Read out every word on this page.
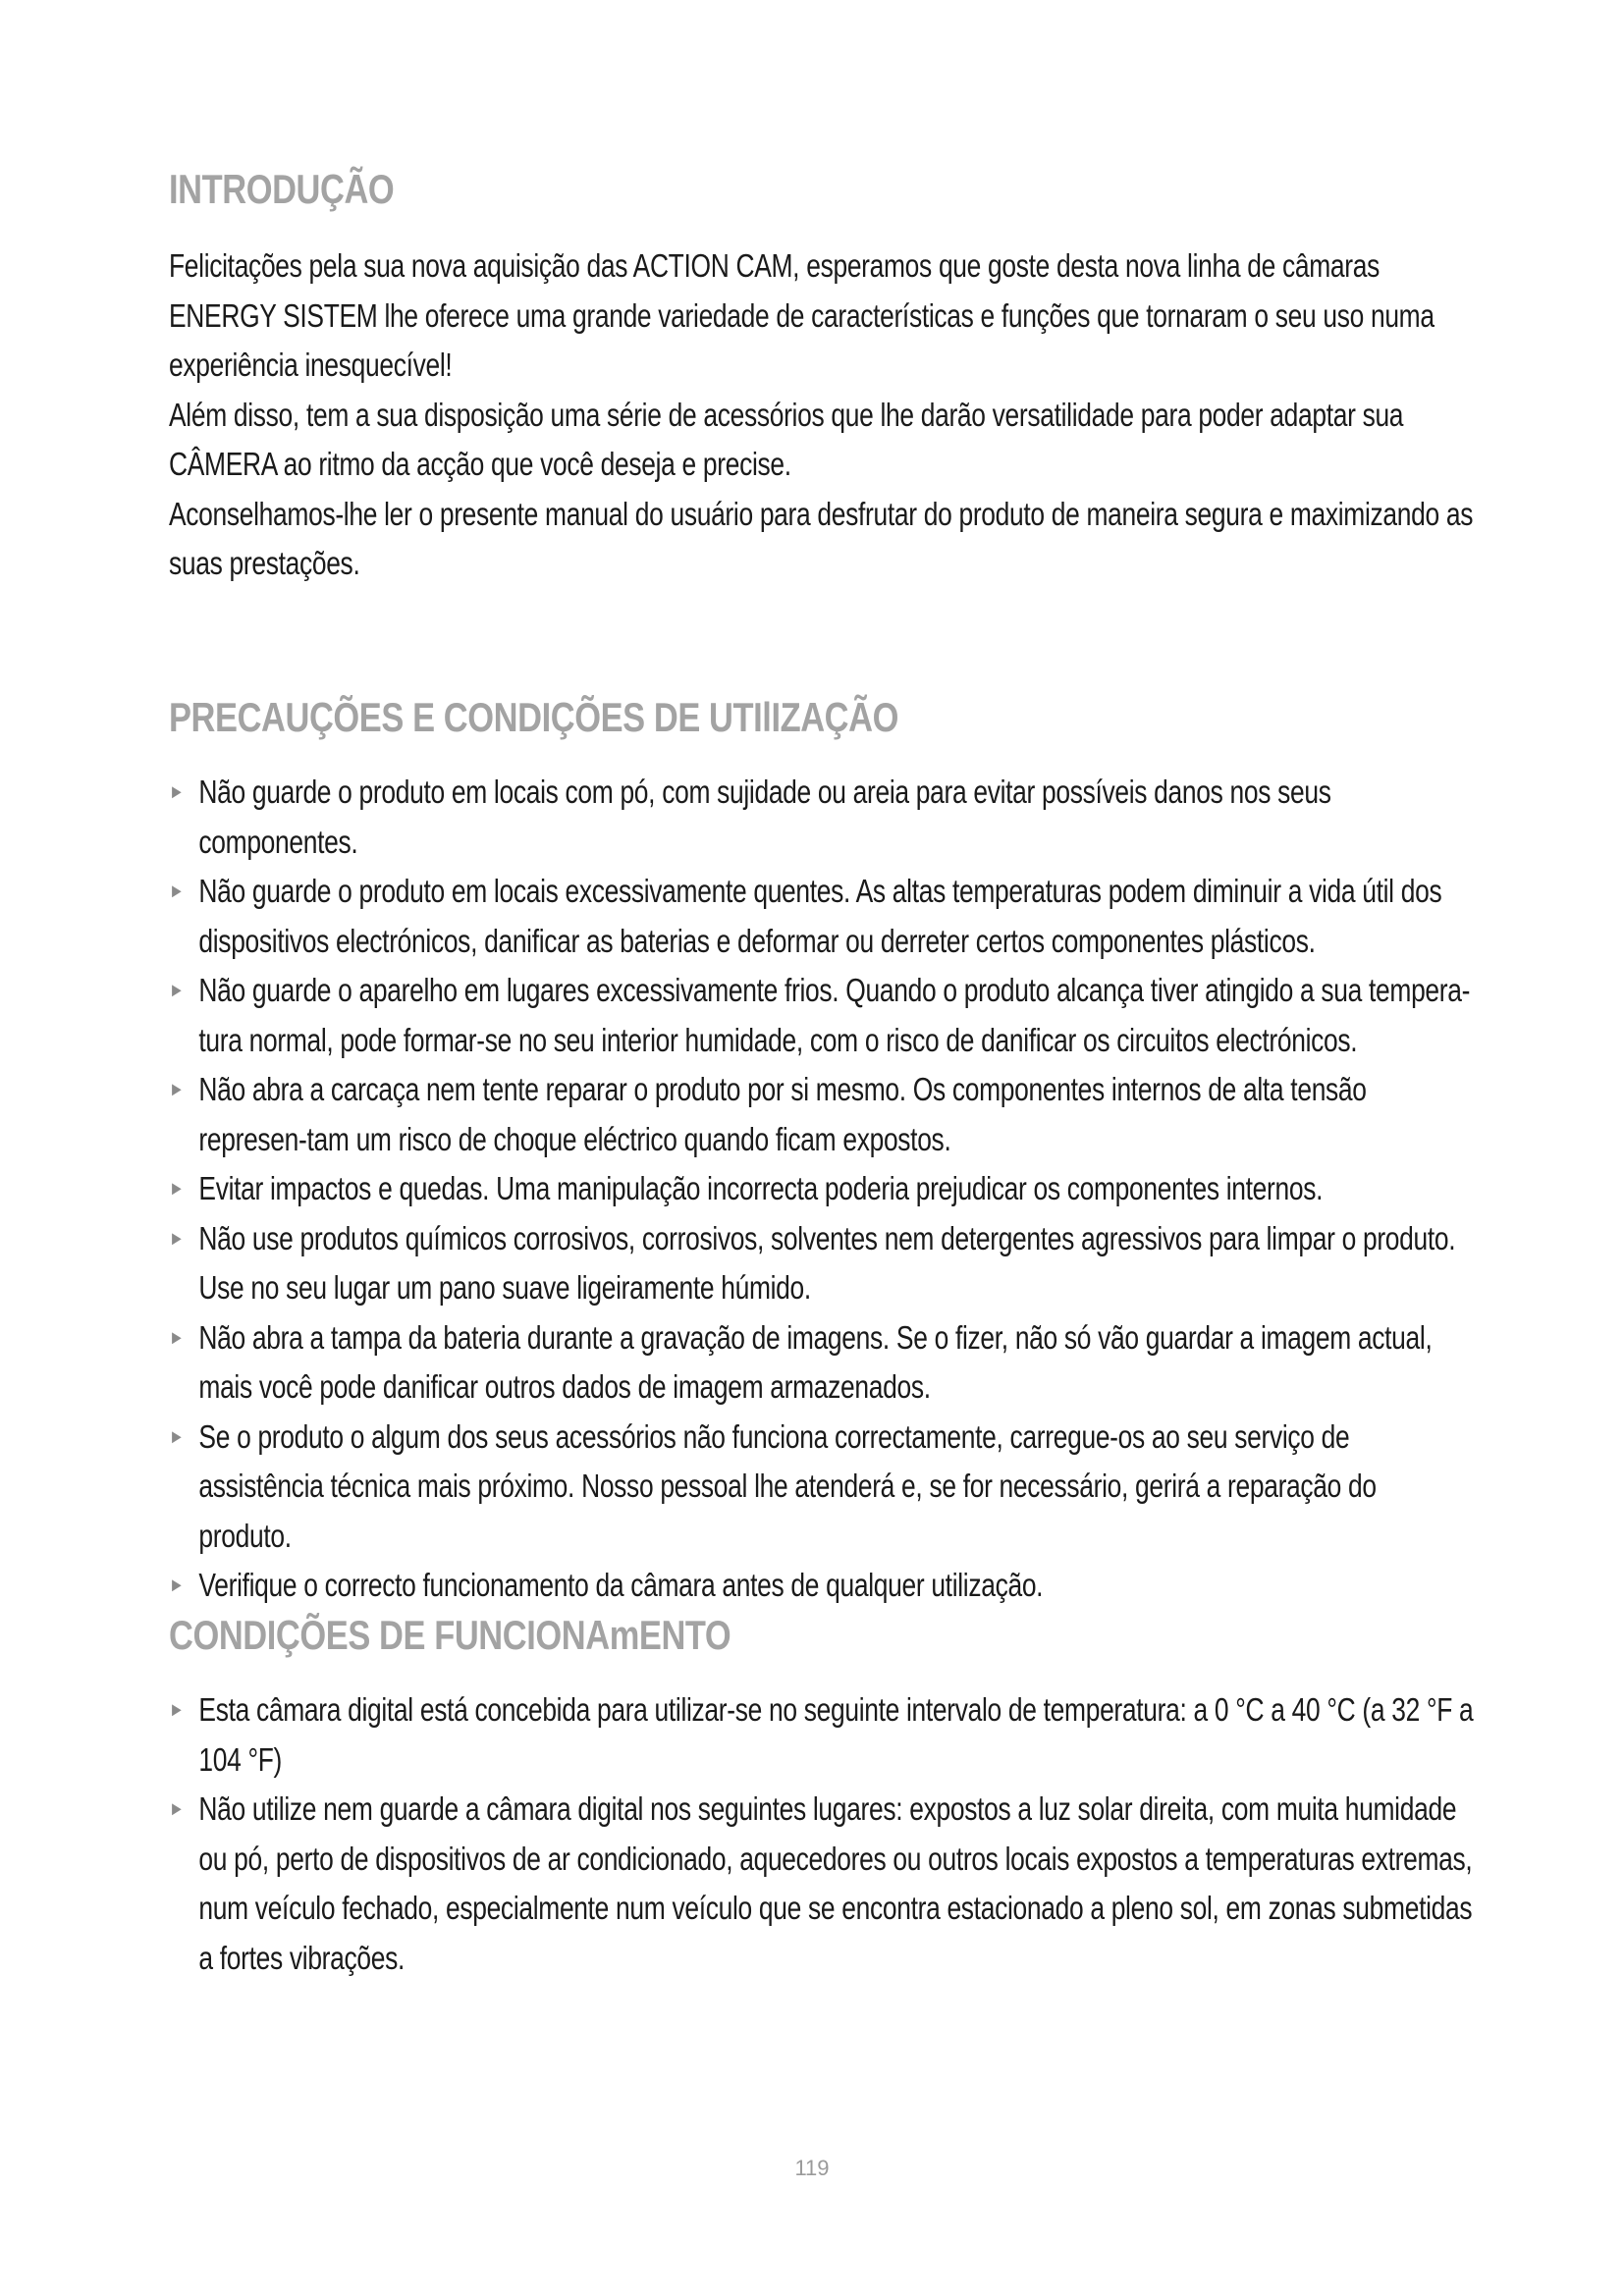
INTRODUÇÃO

Felicitações pela sua nova aquisição das ACTION CAM, esperamos que goste desta nova linha de câmaras ENERGY SISTEM lhe oferece uma grande variedade de características e funções que tornaram o seu uso numa experiência inesquecível!

Além disso, tem a sua disposição uma série de acessórios que lhe darão versatilidade para poder adaptar sua CÂMERA ao ritmo da acção que você deseja e precise.

Aconselhamos-lhe ler o presente manual do usuário para desfrutar do produto de maneira segura e maximizando as suas prestações.

PRECAUÇÕES E CONDIÇÕES DE UTIlIZAÇÃO
► Não guarde o produto em locais com pó, com sujidade ou areia para evitar possíveis danos nos seus componentes.
► Não guarde o produto em locais excessivamente quentes. As altas temperaturas podem diminuir a vida útil dos dispositivos electrónicos, danificar as baterias e deformar ou derreter certos componentes plásticos.
► Não guarde o aparelho em lugares excessivamente frios. Quando o produto alcança tiver atingido a sua tempera-tura normal, pode formar-se no seu interior humidade, com o risco de danificar os circuitos electrónicos.
► Não abra a carcaça nem tente reparar o produto por si mesmo. Os componentes internos de alta tensão represen-tam um risco de choque eléctrico quando ficam expostos.
► Evitar impactos e quedas. Uma manipulação incorrecta poderia prejudicar os componentes internos.
► Não use produtos químicos corrosivos, corrosivos, solventes nem detergentes agressivos para limpar o produto. Use no seu lugar um pano suave ligeiramente húmido.
► Não abra a tampa da bateria durante a gravação de imagens. Se o fizer, não só vão guardar a imagem actual, mais você pode danificar outros dados de imagem armazenados.
► Se o produto o algum dos seus acessórios não funciona correctamente, carregue-os ao seu serviço de assistência técnica mais próximo. Nosso pessoal lhe atenderá e, se for necessário, gerirá a reparação do produto.
► Verifique o correcto funcionamento da câmara antes de qualquer utilização.
CONDIÇÕES DE FUNCIONAmENTO
► Esta câmara digital está concebida para utilizar-se no seguinte intervalo de temperatura: a 0 °C a 40 °C (a 32 °F a 104 °F)
► Não utilize nem guarde a câmara digital nos seguintes lugares: expostos a luz solar direita, com muita humidade ou pó, perto de dispositivos de ar condicionado, aquecedores ou outros locais expostos a temperaturas extremas, num veículo fechado, especialmente num veículo que se encontra estacionado a pleno sol, em zonas submetidas a fortes vibrações.
119
